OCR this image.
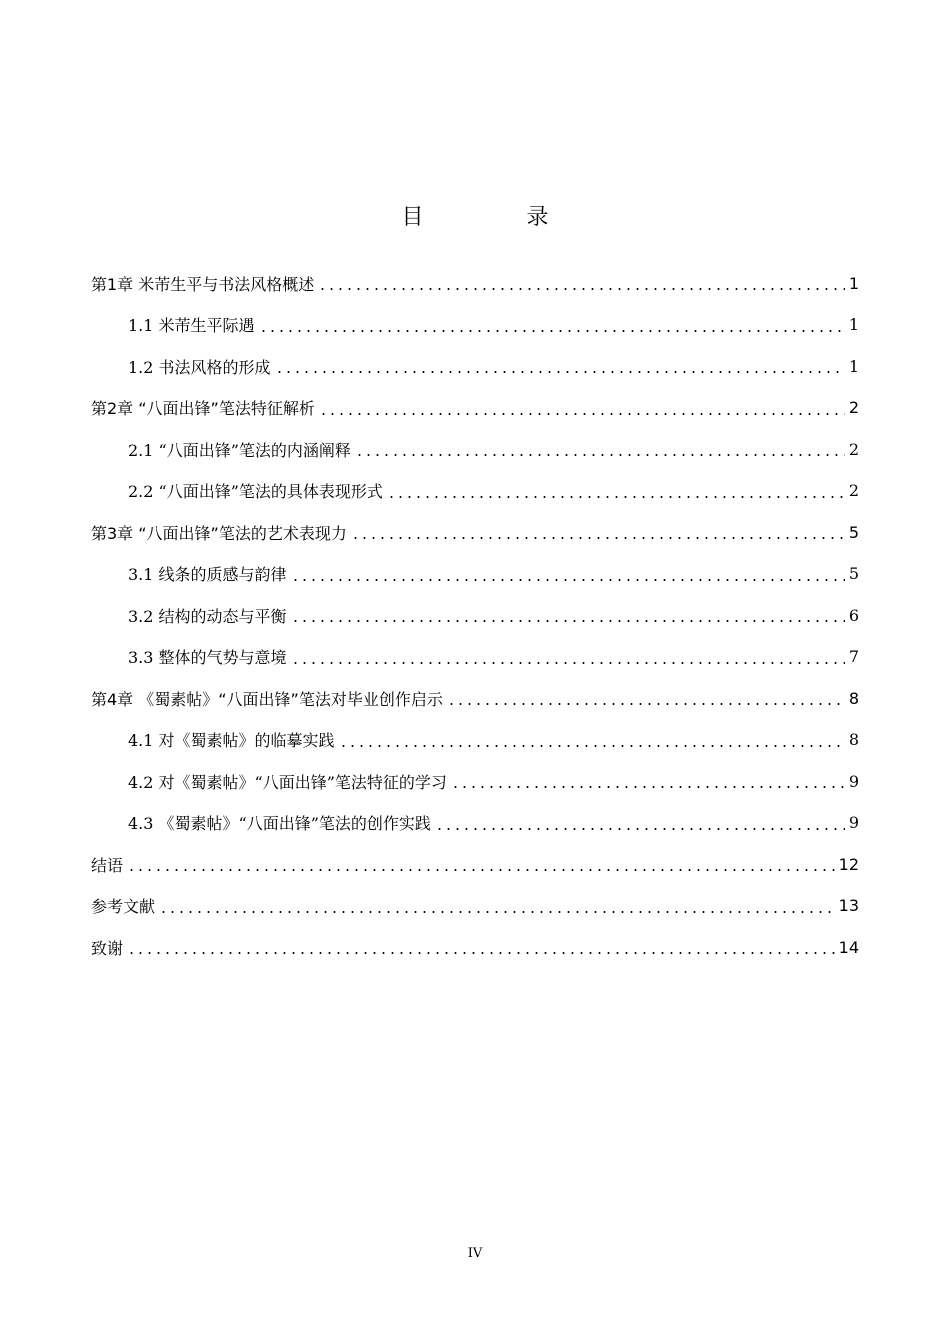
目 录
第1章 米芾生平与书法风格概述	1
1.1 米芾生平际遇	1
1.2 书法风格的形成	1
第2章 “八面出锋”笔法特征解析	2
2.1 “八面出锋”笔法的内涵阐释	2
2.2 “八面出锋”笔法的具体表现形式	2
第3章 “八面出锋”笔法的艺术表现力	5
3.1 线条的质感与韵律	5
3.2 结构的动态与平衡	6
3.3 整体的气势与意境	7
第4章 《蜀素帖》“八面出锋”笔法对毕业创作启示	8
4.1 对《蜀素帖》的临摹实践	8
4.2 对《蜀素帖》“八面出锋”笔法特征的学习	9
4.3 《蜀素帖》“八面出锋”笔法的创作实践	9
结语	12
参考文献	13
致谢	14
IV
